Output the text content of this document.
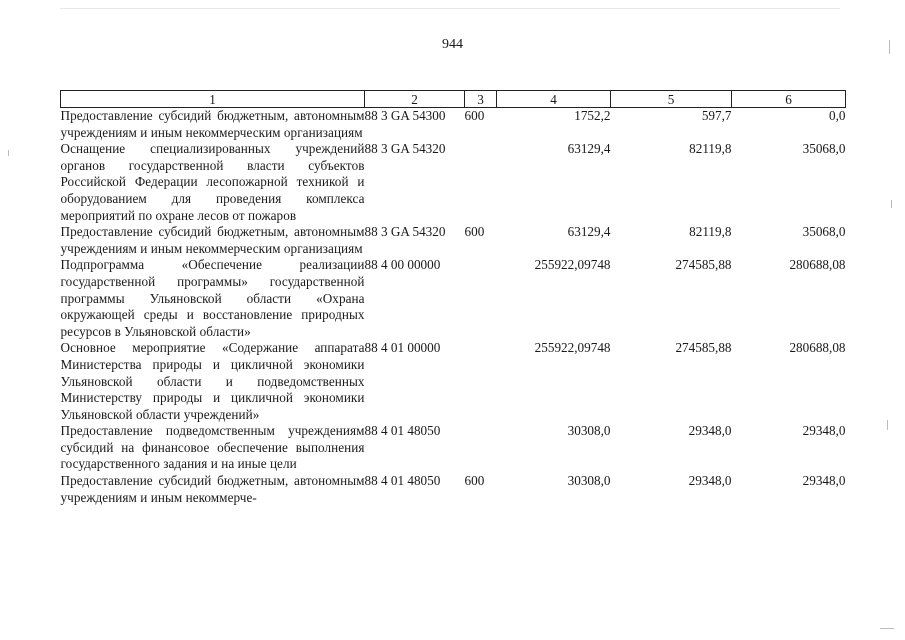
944
1	2	3	4	5	6
Предоставление субсидий бюджетным, автономным учреждениям и иным некоммерческим организациям	88 3 GA 54300	600	1752,2	597,7	0,0
Оснащение специализированных учреждений органов государственной власти субъектов Российской Федерации лесопожарной техникой и оборудованием для проведения комплекса мероприятий по охране лесов от пожаров	88 3 GA 54320		63129,4	82119,8	35068,0
Предоставление субсидий бюджетным, автономным учреждениям и иным некоммерческим организациям	88 3 GA 54320	600	63129,4	82119,8	35068,0
Подпрограмма «Обеспечение реализации государственной программы» государственной программы Ульяновской области «Охрана окружающей среды и восстановление природных ресурсов в Ульяновской области»	88 4 00 00000		255922,09748	274585,88	280688,08
Основное мероприятие «Содержание аппарата Министерства природы и цикличной экономики Ульяновской области и подведомственных Министерству природы и цикличной экономики Ульяновской области учреждений»	88 4 01 00000		255922,09748	274585,88	280688,08
Предоставление подведомственным учреждениям субсидий на финансовое обеспечение выполнения государственного задания и на иные цели	88 4 01 48050		30308,0	29348,0	29348,0
Предоставление субсидий бюджетным, автономным учреждениям и иным некоммерче-	88 4 01 48050	600	30308,0	29348,0	29348,0
